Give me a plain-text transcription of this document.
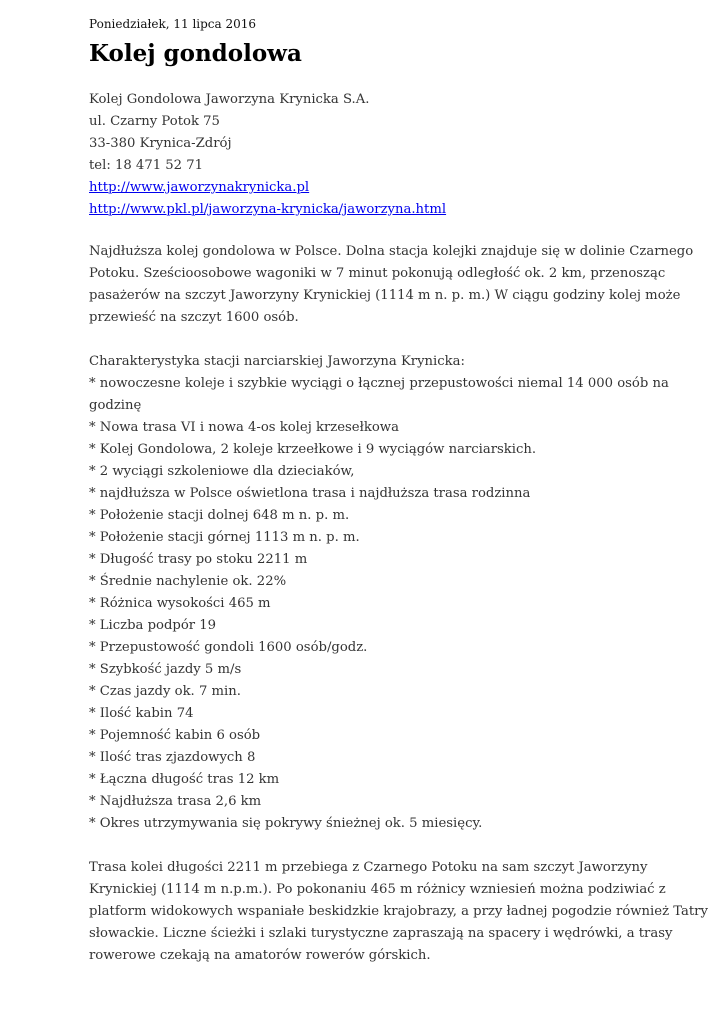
Poniedziałek, 11 lipca 2016

Kolej gondolowa
Kolej Gondolowa Jaworzyna Krynicka S.A.
ul. Czarny Potok 75
33-380 Krynica-Zdrój
tel: 18 471 52 71
http://www.jaworzynakrynicka.pl
http://www.pkl.pl/jaworzyna-krynicka/jaworzyna.html
Najdłuższa kolej gondolowa w Polsce. Dolna stacja kolejki znajduje się w dolinie Czarnego
Potoku. Sześcioosobowe wagoniki w 7 minut pokonują odległość ok. 2 km, przenosząc
pasażerów na szczyt Jaworzyny Krynickiej (1114 m n. p. m.) W ciągu godziny kolej może
przewieść na szczyt 1600 osób.
Charakterystyka stacji narciarskiej Jaworzyna Krynicka:
* nowoczesne koleje i szybkie wyciągi o łącznej przepustowości niemal 14 000 osób na
godzinę
* Nowa trasa VI i nowa 4-os kolej krzesełkowa
* Kolej Gondolowa, 2 koleje krzeełkowe i 9 wyciągów narciarskich.
* 2 wyciągi szkoleniowe dla dzieciaków,
* najdłuższa w Polsce oświetlona trasa i najdłuższa trasa rodzinna
* Położenie stacji dolnej 648 m n. p. m.
* Położenie stacji górnej 1113 m n. p. m.
* Długość trasy po stoku 2211 m
* Średnie nachylenie ok. 22%
* Różnica wysokości 465 m
* Liczba podpór 19
* Przepustowość gondoli 1600 osób/godz.
* Szybkość jazdy 5 m/s
* Czas jazdy ok. 7 min.
* Ilość kabin 74
* Pojemność kabin 6 osób
* Ilość tras zjazdowych 8
* Łączna długość tras 12 km
* Najdłuższa trasa 2,6 km
* Okres utrzymywania się pokrywy śnieżnej ok. 5 miesięcy.
Trasa kolei długości 2211 m przebiega z Czarnego Potoku na sam szczyt Jaworzyny
Krynickiej (1114 m n.p.m.). Po pokonaniu 465 m różnicy wzniesień można podziwiać z
platform widokowych wspaniałe beskidzkie krajobrazy, a przy ładnej pogodzie również Tatry
słowackie. Liczne ścieżki i szlaki turystyczne zapraszają na spacery i wędrówki, a trasy
rowerowe czekają na amatorów rowerów górskich.
